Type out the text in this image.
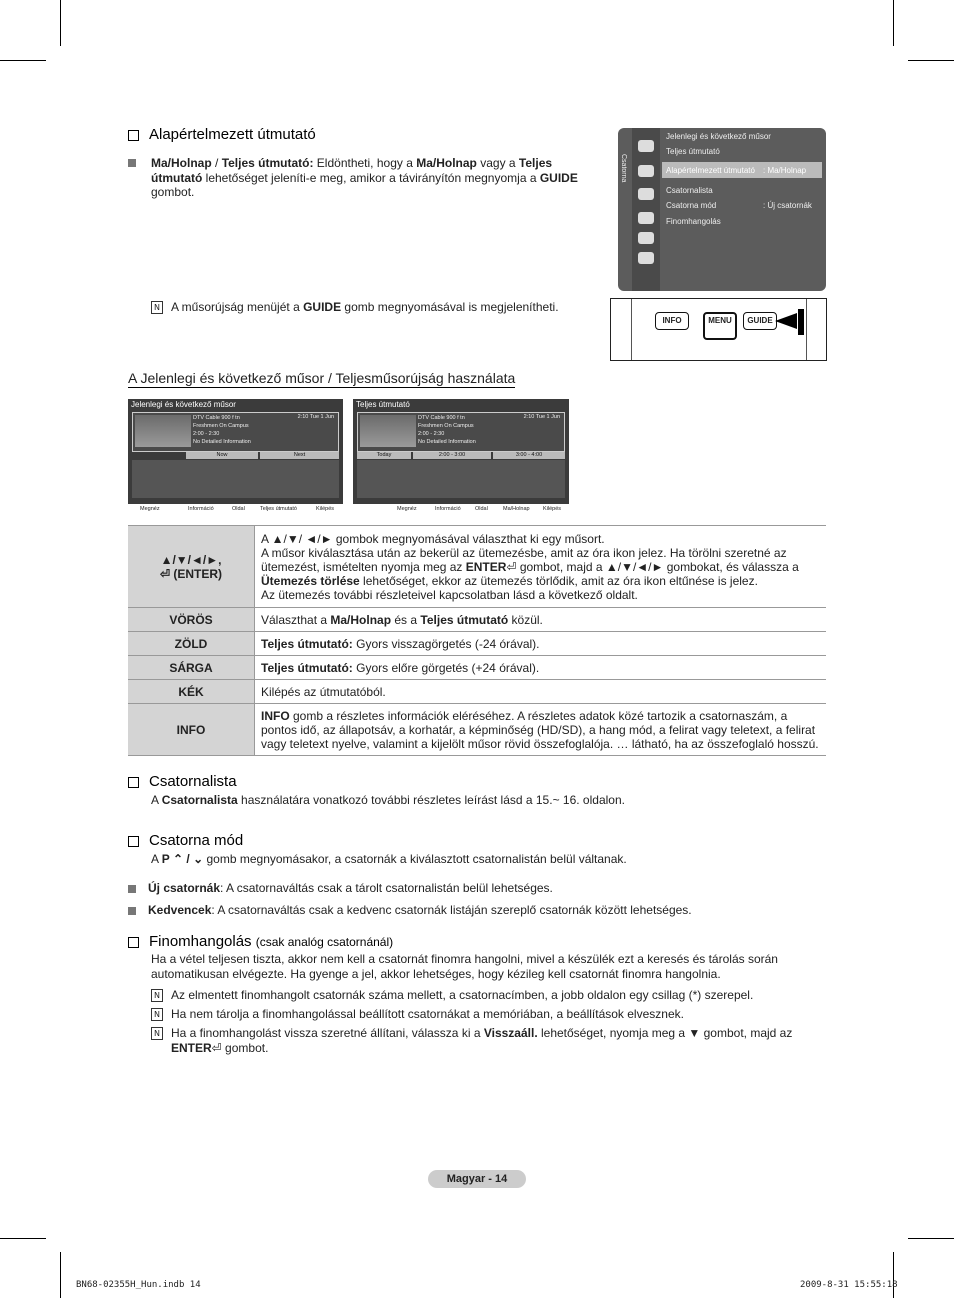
Alapértelmezett útmutató
Ma/Holnap / Teljes útmutató: Eldöntheti, hogy a Ma/Holnap vagy a Teljes útmutató lehetőséget jeleníti-e meg, amikor a távirányítón megnyomja a GUIDE gombot.
N A műsorújság menüjét a GUIDE gomb megnyomásával is megjelenítheti.
Csatorna
Jelenlegi és következő műsor
Teljes útmutató
Alapértelmezett útmutató : Ma/Holnap
Csatornalista
Csatorna mód	: Új csatornák
Finomhangolás
INFO	MENU	GUIDE
A Jelenlegi és következő műsor / Teljesműsorújság használata
Jelenlegi és következő műsor
DTV Cable 900 f tn
Freshmen On Campus
2:00 - 2:30
No Detailed Information
2:10 Tue 1 Jun
Now	Next
Megnéz	Információ	Oldal	Teljes útmutató	Kilépés
Teljes útmutató
DTV Cable 900 f tn
Freshmen On Campus
2:00 - 2:30
No Detailed Information
2:10 Tue 1 Jun
Today	2:00 - 3:00	3:00 - 4:00
Megnéz	Információ	Oldal	Ma/Holnap Kilépés
▲/▼/◄/►,
⏎ (ENTER)	A ▲/▼/ ◄/► gombok megnyomásával választhat ki egy műsort.
A műsor kiválasztása után az bekerül az ütemezésbe, amit az óra ikon jelez. Ha törölni szeretné az ütemezést, ismételten nyomja meg az ENTER⏎ gombot, majd a ▲/▼/◄/► gombokat, és válassza a Ütemezés törlése lehetőséget, ekkor az ütemezés törlődik, amit az óra ikon eltűnése is jelez.
Az ütemezés további részleteivel kapcsolatban lásd a következő oldalt.
VÖRÖS	Választhat a Ma/Holnap és a Teljes útmutató közül.
ZÖLD	Teljes útmutató: Gyors visszagörgetés (-24 órával).
SÁRGA	Teljes útmutató: Gyors előre görgetés (+24 órával).
KÉK	Kilépés az útmutatóból.
INFO	INFO gomb a részletes információk eléréséhez. A részletes adatok közé tartozik a csatornaszám, a pontos idő, az állapotsáv, a korhatár, a képminőség (HD/SD), a hang mód, a felirat vagy teletext, a felirat vagy teletext nyelve, valamint a kijelölt műsor rövid összefoglalója. … látható, ha az összefoglaló hosszú.
Csatornalista
A Csatornalista használatára vonatkozó további részletes leírást lásd a 15.~ 16. oldalon.
Csatorna mód
A P ⌃ / ⌄ gomb megnyomásakor, a csatornák a kiválasztott csatornalistán belül váltanak.
Új csatornák: A csatornaváltás csak a tárolt csatornalistán belül lehetséges.
Kedvencek: A csatornaváltás csak a kedvenc csatornák listáján szereplő csatornák között lehetséges.
Finomhangolás (csak analóg csatornánál)
Ha a vétel teljesen tiszta, akkor nem kell a csatornát finomra hangolni, mivel a készülék ezt a keresés és tárolás során automatikusan elvégezte. Ha gyenge a jel, akkor lehetséges, hogy kézileg kell csatornát finomra hangolnia.
N Az elmentett finomhangolt csatornák száma mellett, a csatornacímben, a jobb oldalon egy csillag (*) szerepel.
N Ha nem tárolja a finomhangolással beállított csatornákat a memóriában, a beállítások elvesznek.
N Ha a finomhangolást vissza szeretné állítani, válassza ki a Visszaáll. lehetőséget, nyomja meg a ▼ gombot, majd az
ENTER⏎ gombot.
Magyar - 14
BN68-02355H_Hun.indb 14	2009-8-31 15:55:18
